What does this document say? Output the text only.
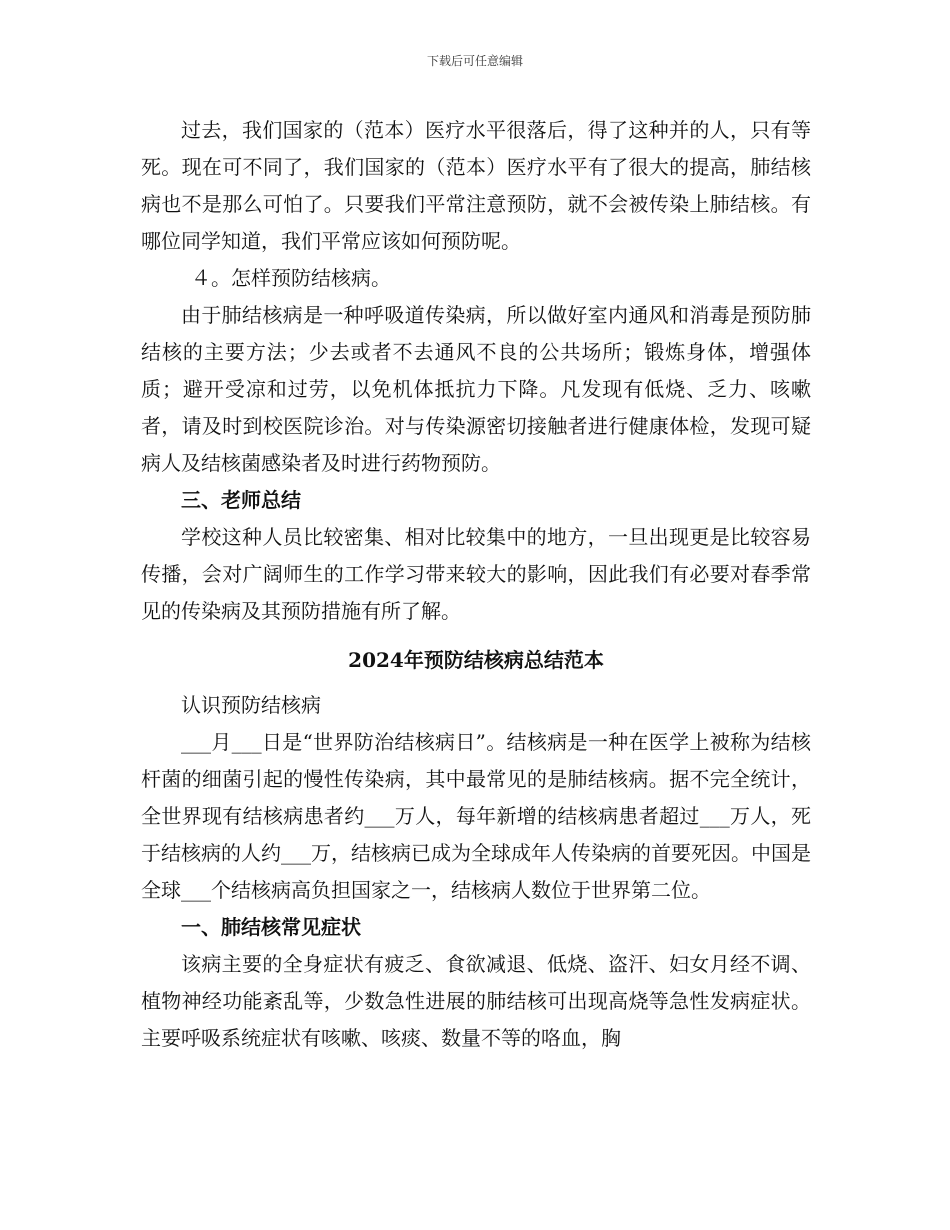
下载后可任意编辑

过去，我们国家的（范本）医疗水平很落后，得了这种并的人，只有等死。现在可不同了，我们国家的（范本）医疗水平有了很大的提高，肺结核病也不是那么可怕了。只要我们平常注意预防，就不会被传染上肺结核。有哪位同学知道，我们平常应该如何预防呢。

４。怎样预防结核病。

由于肺结核病是一种呼吸道传染病，所以做好室内通风和消毒是预防肺结核的主要方法；少去或者不去通风不良的公共场所；锻炼身体，增强体质；避开受凉和过劳，以免机体抵抗力下降。凡发现有低烧、乏力、咳嗽者，请及时到校医院诊治。对与传染源密切接触者进行健康体检，发现可疑病人及结核菌感染者及时进行药物预防。

三、老师总结

学校这种人员比较密集、相对比较集中的地方，一旦出现更是比较容易传播，会对广阔师生的工作学习带来较大的影响，因此我们有必要对春季常见的传染病及其预防措施有所了解。

2024年预防结核病总结范本

认识预防结核病

___月___日是“世界防治结核病日”。结核病是一种在医学上被称为结核杆菌的细菌引起的慢性传染病，其中最常见的是肺结核病。据不完全统计，全世界现有结核病患者约___万人，每年新增的结核病患者超过___万人，死于结核病的人约___万，结核病已成为全球成年人传染病的首要死因。中国是全球___个结核病高负担国家之一，结核病人数位于世界第二位。

一、肺结核常见症状

该病主要的全身症状有疲乏、食欲减退、低烧、盗汗、妇女月经不调、植物神经功能紊乱等，少数急性进展的肺结核可出现高烧等急性发病症状。主要呼吸系统症状有咳嗽、咳痰、数量不等的咯血，胸
